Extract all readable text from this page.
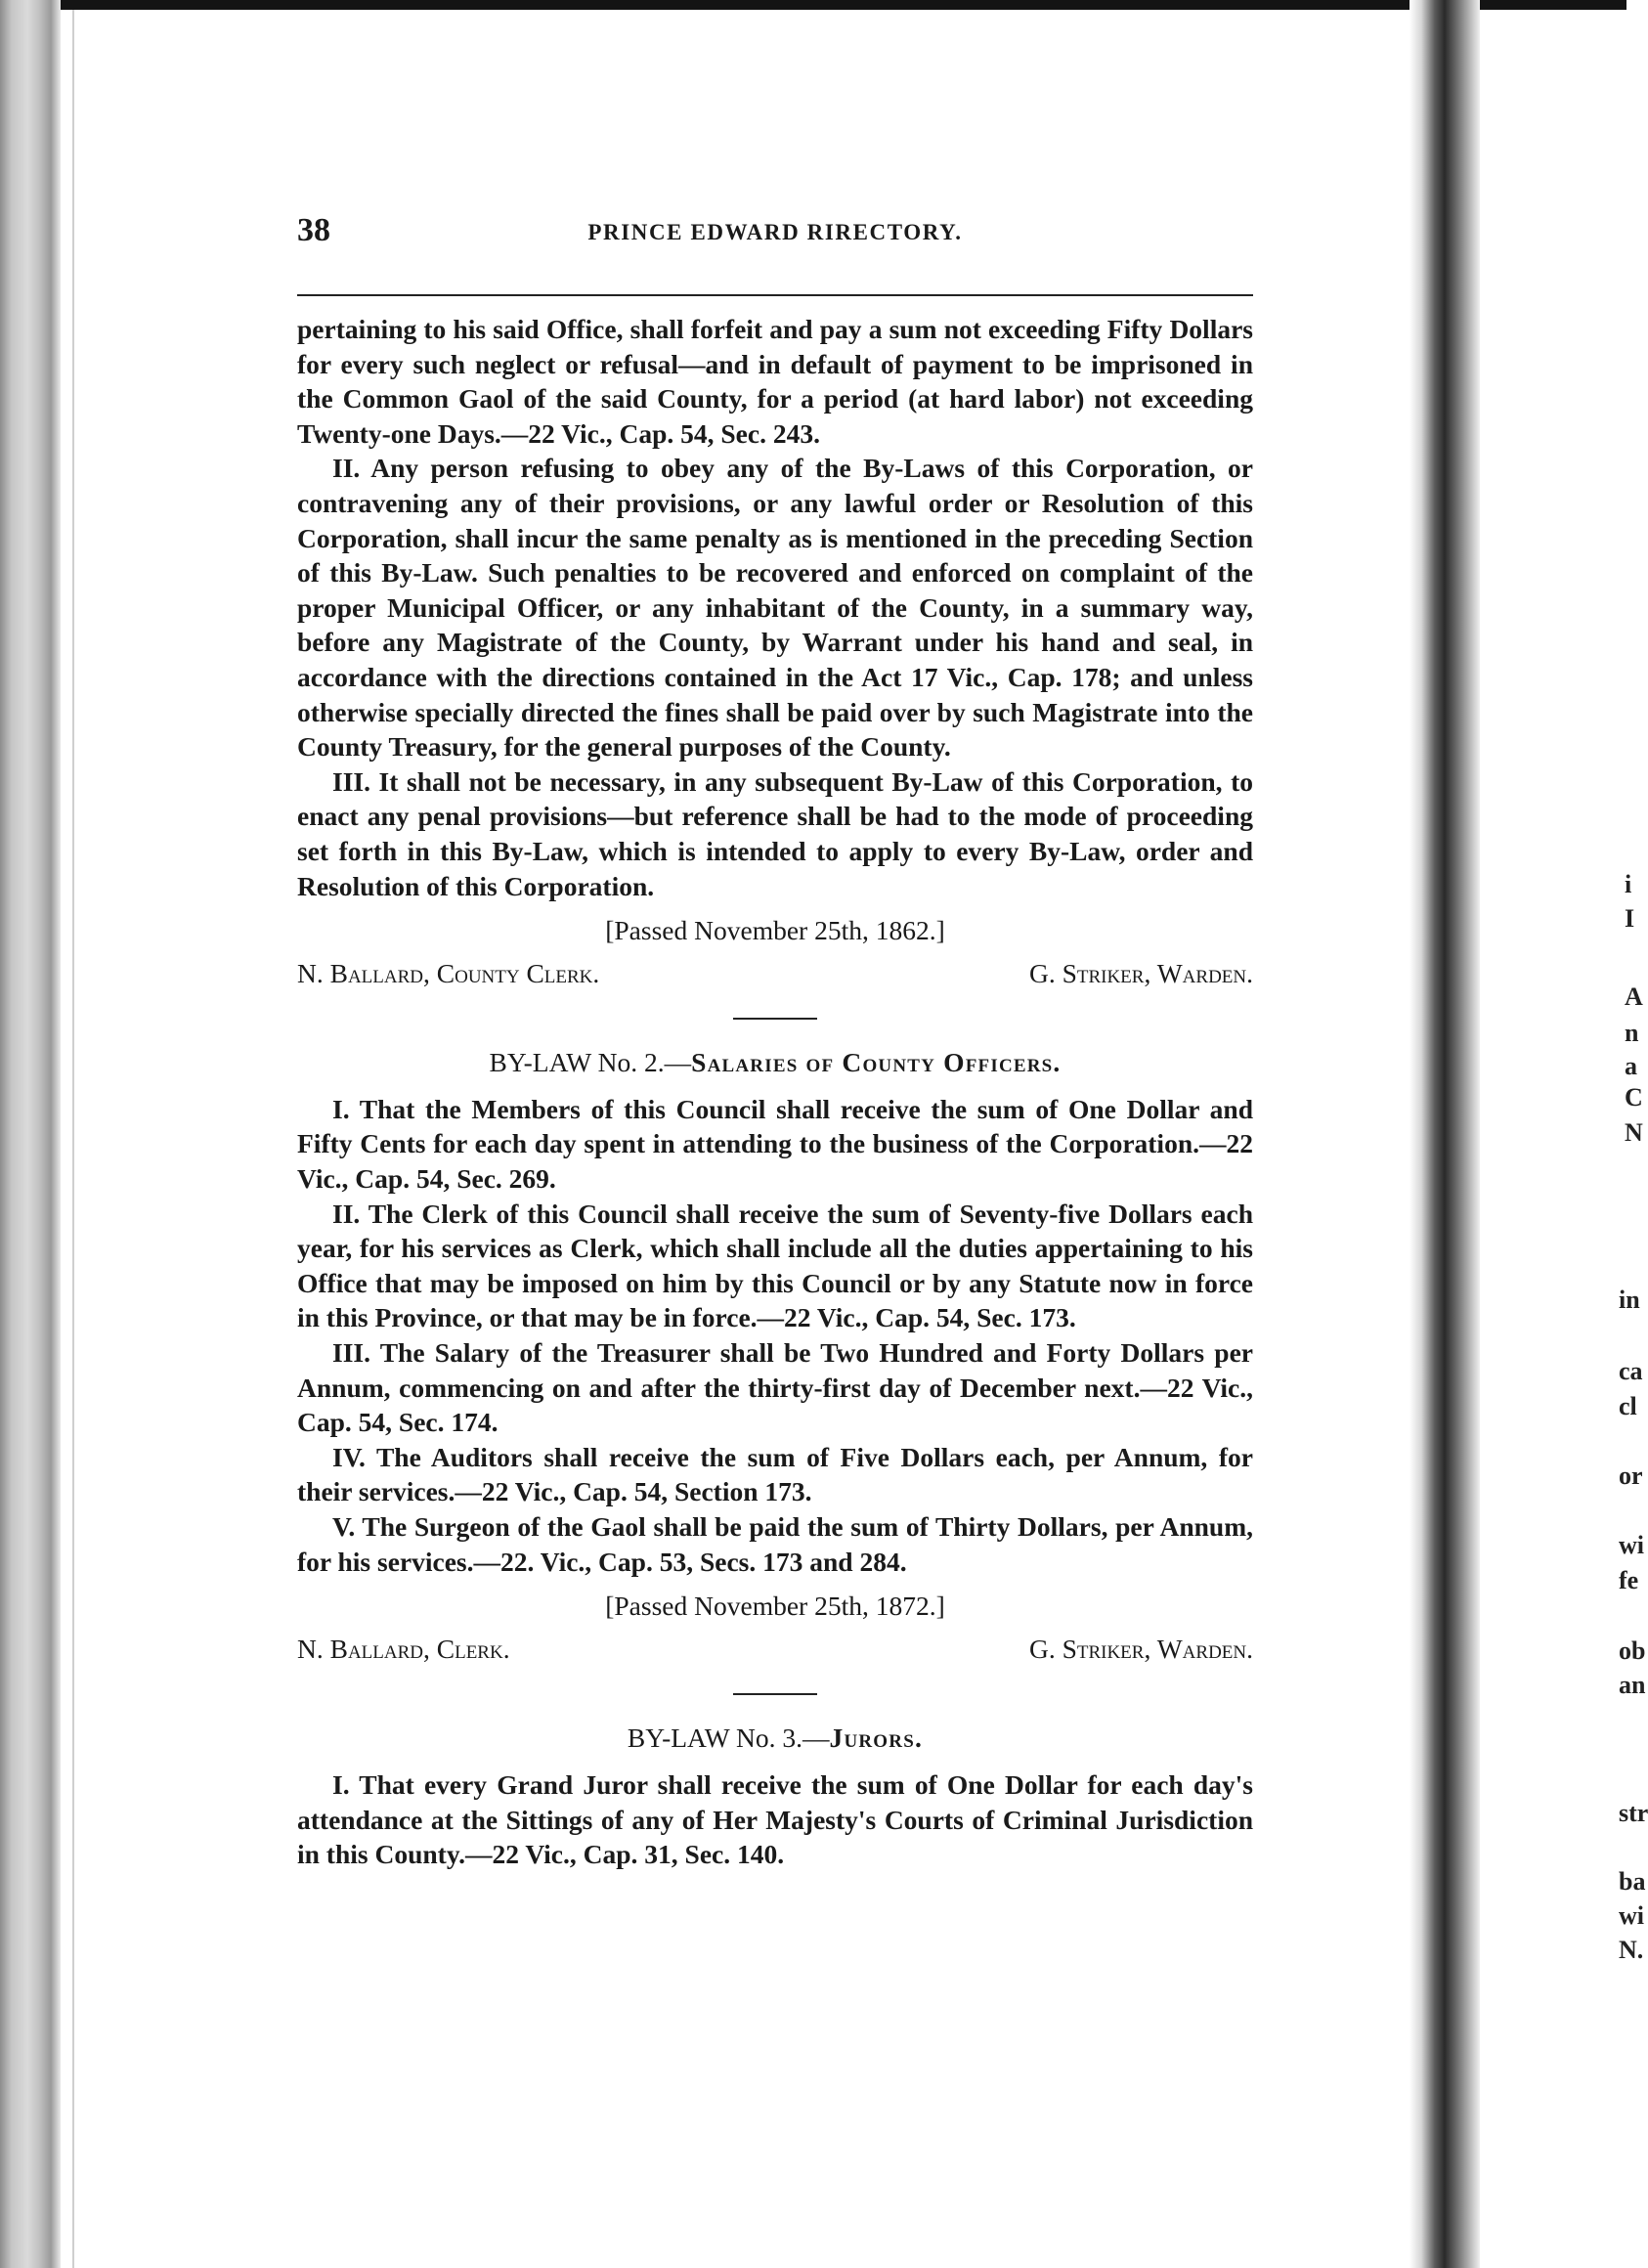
i
I
A
n
a
C
N
in
ca
cl
or
wi
fe
ob
an
str
ba
wi
N.
38	PRINCE EDWARD RIRECTORY.

pertaining to his said Office, shall forfeit and pay a sum not exceeding Fifty Dollars for every such neglect or refusal—and in default of payment to be imprisoned in the Common Gaol of the said County, for a period (at hard labor) not exceeding Twenty-one Days.—22 Vic., Cap. 54, Sec. 243.

II. Any person refusing to obey any of the By-Laws of this Corporation, or contravening any of their provisions, or any lawful order or Resolution of this Corporation, shall incur the same penalty as is mentioned in the preceding Section of this By-Law. Such penalties to be recovered and enforced on complaint of the proper Municipal Officer, or any inhabitant of the County, in a summary way, before any Magistrate of the County, by Warrant under his hand and seal, in accordance with the directions contained in the Act 17 Vic., Cap. 178; and unless otherwise specially directed the fines shall be paid over by such Magistrate into the County Treasury, for the general purposes of the County.

III. It shall not be necessary, in any subsequent By-Law of this Corporation, to enact any penal provisions—but reference shall be had to the mode of proceeding set forth in this By-Law, which is intended to apply to every By-Law, order and Resolution of this Corporation.

[Passed November 25th, 1862.]
N. Ballard, County Clerk.	G. Striker, Warden.
BY-LAW No. 2.—Salaries of County Officers.

I. That the Members of this Council shall receive the sum of One Dollar and Fifty Cents for each day spent in attending to the business of the Corporation.—22 Vic., Cap. 54, Sec. 269.

II. The Clerk of this Council shall receive the sum of Seventy-five Dollars each year, for his services as Clerk, which shall include all the duties appertaining to his Office that may be imposed on him by this Council or by any Statute now in force in this Province, or that may be in force.—22 Vic., Cap. 54, Sec. 173.

III. The Salary of the Treasurer shall be Two Hundred and Forty Dollars per Annum, commencing on and after the thirty-first day of December next.—22 Vic., Cap. 54, Sec. 174.

IV. The Auditors shall receive the sum of Five Dollars each, per Annum, for their services.—22 Vic., Cap. 54, Section 173.

V. The Surgeon of the Gaol shall be paid the sum of Thirty Dollars, per Annum, for his services.—22. Vic., Cap. 53, Secs. 173 and 284.

[Passed November 25th, 1872.]
N. Ballard, Clerk.	G. Striker, Warden.
BY-LAW No. 3.—Jurors.

I. That every Grand Juror shall receive the sum of One Dollar for each day's attendance at the Sittings of any of Her Majesty's Courts of Criminal Jurisdiction in this County.—22 Vic., Cap. 31, Sec. 140.
